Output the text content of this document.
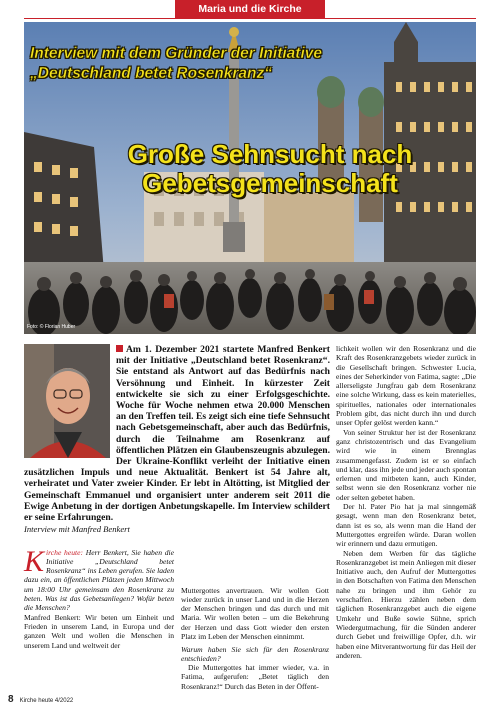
Maria und die Kirche
Foto: © Florian Huber
Interview mit dem Gründer der Initiative „Deutschland betet Rosenkranz“
Große Sehnsucht nach Gebetsgemeinschaft

Am 1. Dezember 2021 startete Manfred Benkert mit der Initiative „Deutschland betet Rosenkranz“. Sie entstand als Antwort auf das Bedürfnis nach Versöhnung und Einheit. In kürzester Zeit entwickelte sie sich zu einer Erfolgsgeschichte. Woche für Woche nehmen etwa 20.000 Menschen an den Treffen teil. Es zeigt sich eine tiefe Sehnsucht nach Gebetsgemeinschaft, aber auch das Bedürfnis, durch die Teilnahme am Rosenkranz auf öffentlichen Plätzen ein Glaubenszeugnis abzulegen. Der Ukraine-Konflikt verleiht der Initiative einen zusätzlichen Impuls und neue Aktualität. Benkert ist 54 Jahre alt, verheiratet und Vater zweier Kinder. Er lebt in Altötting, ist Mitglied der Gemeinschaft Emmanuel und organisiert unter anderem seit 2011 die Ewige Anbetung in der dortigen Anbetungskapelle. Im Interview schildert er seine Erfahrungen.

Interview mit Manfred Benkert

Kirche heute: Herr Benkert, Sie haben die Initiative „Deutschland betet Rosenkranz“ ins Leben gerufen. Sie laden dazu ein, an öffentlichen Plätzen jeden Mittwoch um 18:00 Uhr gemeinsam den Rosenkranz zu beten. Was ist das Gebetsanliegen? Wofür beten die Menschen?

Manfred Benkert: Wir beten um Einheit und Frieden in unserem Land, in Europa und der ganzen Welt und wollen die Menschen in unserem Land und weltweit der

Muttergottes anvertrauen. Wir wollen Gott wieder zurück in unser Land und in die Herzen der Menschen bringen und das durch und mit Maria. Wir wollen beten – um die Bekehrung der Herzen und dass Gott wieder den ersten Platz im Leben der Menschen einnimmt.

Warum haben Sie sich für den Rosenkranz entschieden?

Die Muttergottes hat immer wieder, v.a. in Fatima, aufgerufen: „Betet täglich den Rosenkranz!“ Durch das Beten in der Öffent-

lichkeit wollen wir den Rosenkranz und die Kraft des Rosenkranzgebets wieder zurück in die Gesellschaft bringen. Schwester Lucia, eines der Seherkinder von Fatima, sagte: „Die allerseligste Jungfrau gab dem Rosenkranz eine solche Wirkung, dass es kein materielles, spirituelles, nationales oder internationales Problem gibt, das nicht durch ihn und durch unser Opfer gelöst werden kann.“

Von seiner Struktur her ist der Rosenkranz ganz christozentrisch und das Evangelium wird wie in einem Brennglas zusammengefasst. Zudem ist er so einfach und klar, dass ihn jede und jeder auch spontan erlernen und mitbeten kann, auch Kinder, selbst wenn sie den Rosenkranz vorher nie oder selten gebetet haben.

Der hl. Pater Pio hat ja mal sinngemäß gesagt, wenn man den Rosenkranz betet, dann ist es so, als wenn man die Hand der Muttergottes ergreifen würde. Daran wollen wir erinnern und dazu ermutigen.

Neben dem Werben für das tägliche Rosenkranzgebet ist mein Anliegen mit dieser Initiative auch, den Aufruf der Muttergottes in den Botschaften von Fatima den Menschen nahe zu bringen und ihm Gehör zu verschaffen. Hierzu zählen neben dem täglichen Rosenkranzgebet auch die eigene Umkehr und Buße sowie Sühne, sprich Wiedergutmachung, für die Sünden anderer durch Gebet und freiwillige Opfer, d.h. wir haben eine Mitverantwortung für das Heil der anderen.

8 Kirche heute 4/2022
